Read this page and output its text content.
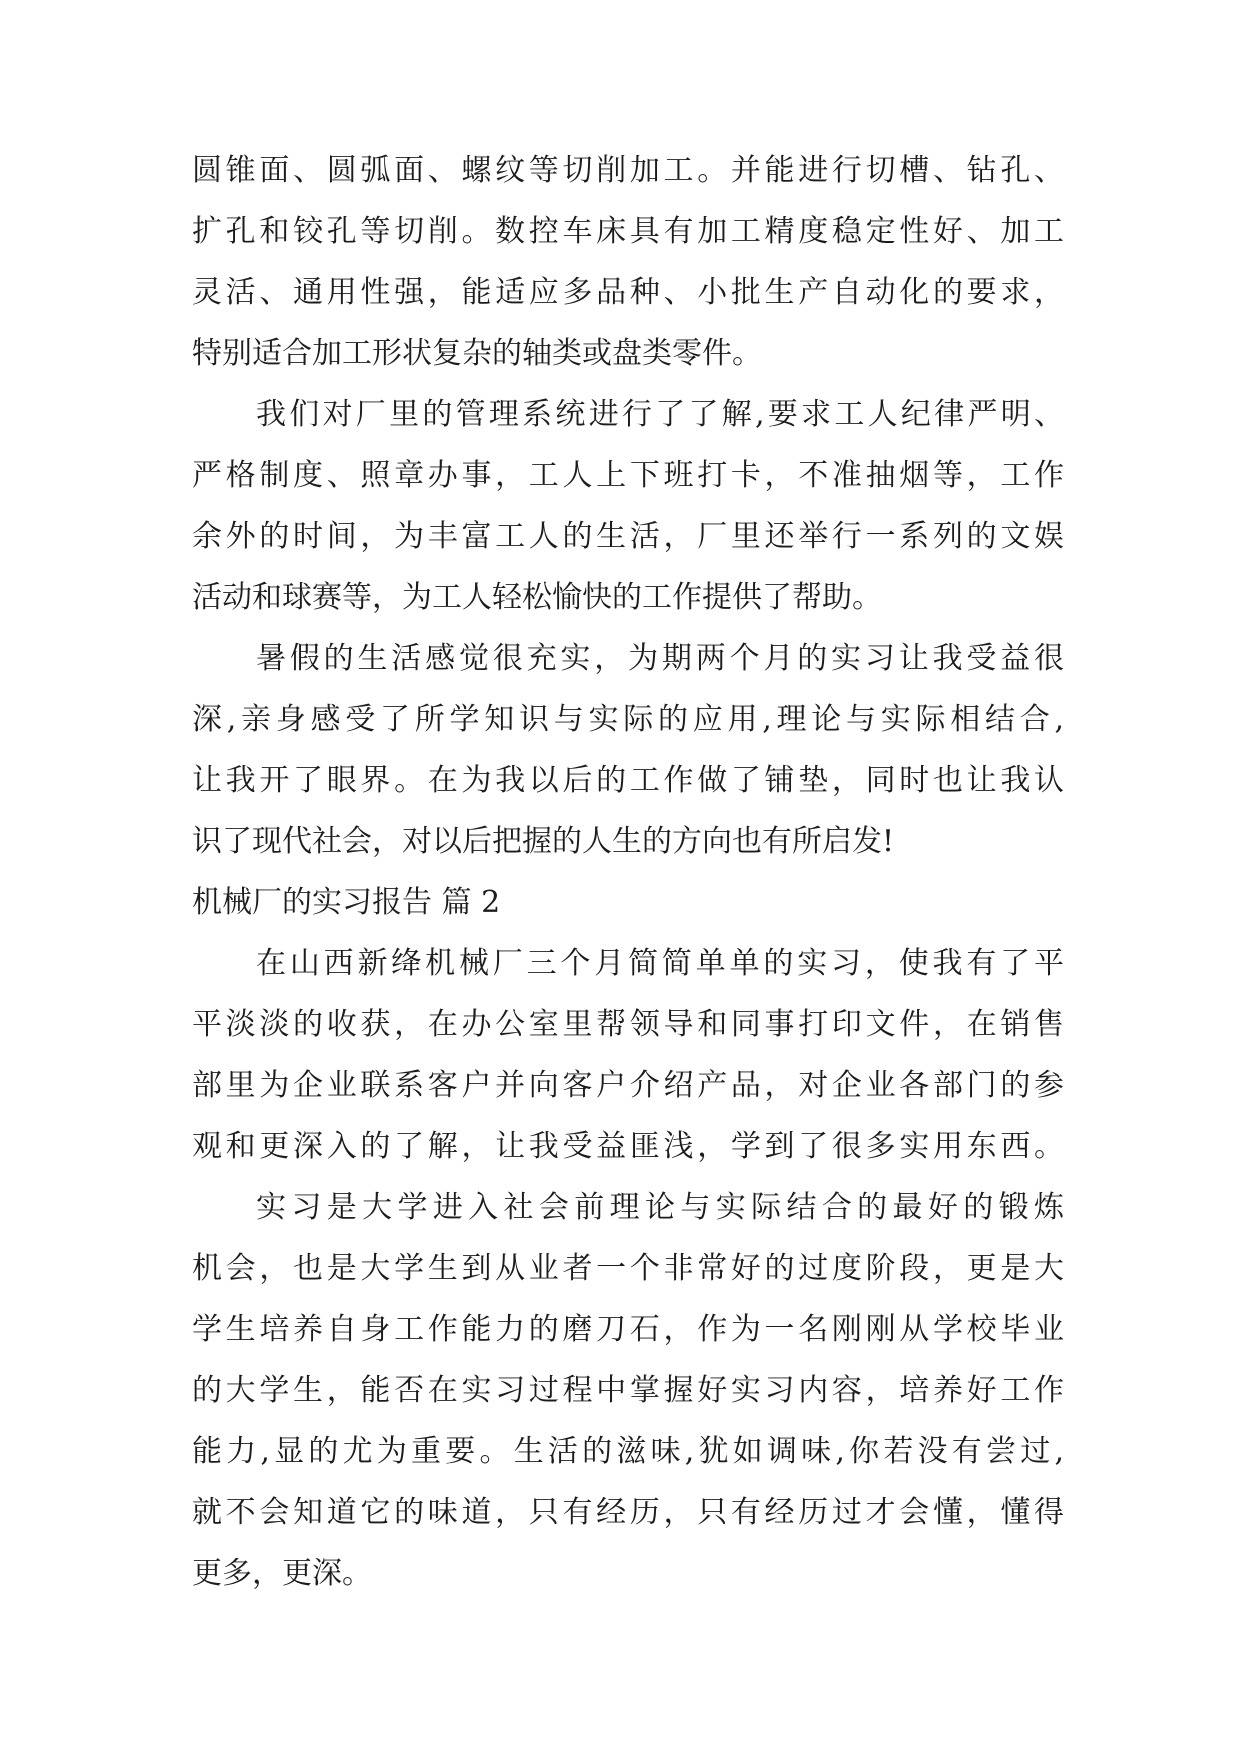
圆锥面、圆弧面、螺纹等切削加工。并能进行切槽、钻孔、
扩孔和铰孔等切削。数控车床具有加工精度稳定性好、加工
灵活、通用性强，能适应多品种、小批生产自动化的要求，
特别适合加工形状复杂的轴类或盘类零件。
我们对厂里的管理系统进行了了解,要求工人纪律严明、
严格制度、照章办事，工人上下班打卡，不准抽烟等，工作
余外的时间，为丰富工人的生活，厂里还举行一系列的文娱
活动和球赛等，为工人轻松愉快的工作提供了帮助。
暑假的生活感觉很充实，为期两个月的实习让我受益很
深,亲身感受了所学知识与实际的应用,理论与实际相结合,
让我开了眼界。在为我以后的工作做了铺垫，同时也让我认
识了现代社会，对以后把握的人生的方向也有所启发!
机械厂的实习报告 篇 2
在山西新绛机械厂三个月简简单单的实习，使我有了平
平淡淡的收获，在办公室里帮领导和同事打印文件，在销售
部里为企业联系客户并向客户介绍产品，对企业各部门的参
观和更深入的了解，让我受益匪浅，学到了很多实用东西。
实习是大学进入社会前理论与实际结合的最好的锻炼
机会，也是大学生到从业者一个非常好的过度阶段，更是大
学生培养自身工作能力的磨刀石，作为一名刚刚从学校毕业
的大学生，能否在实习过程中掌握好实习内容，培养好工作
能力,显的尤为重要。生活的滋味,犹如调味,你若没有尝过,
就不会知道它的味道，只有经历，只有经历过才会懂，懂得
更多，更深。
